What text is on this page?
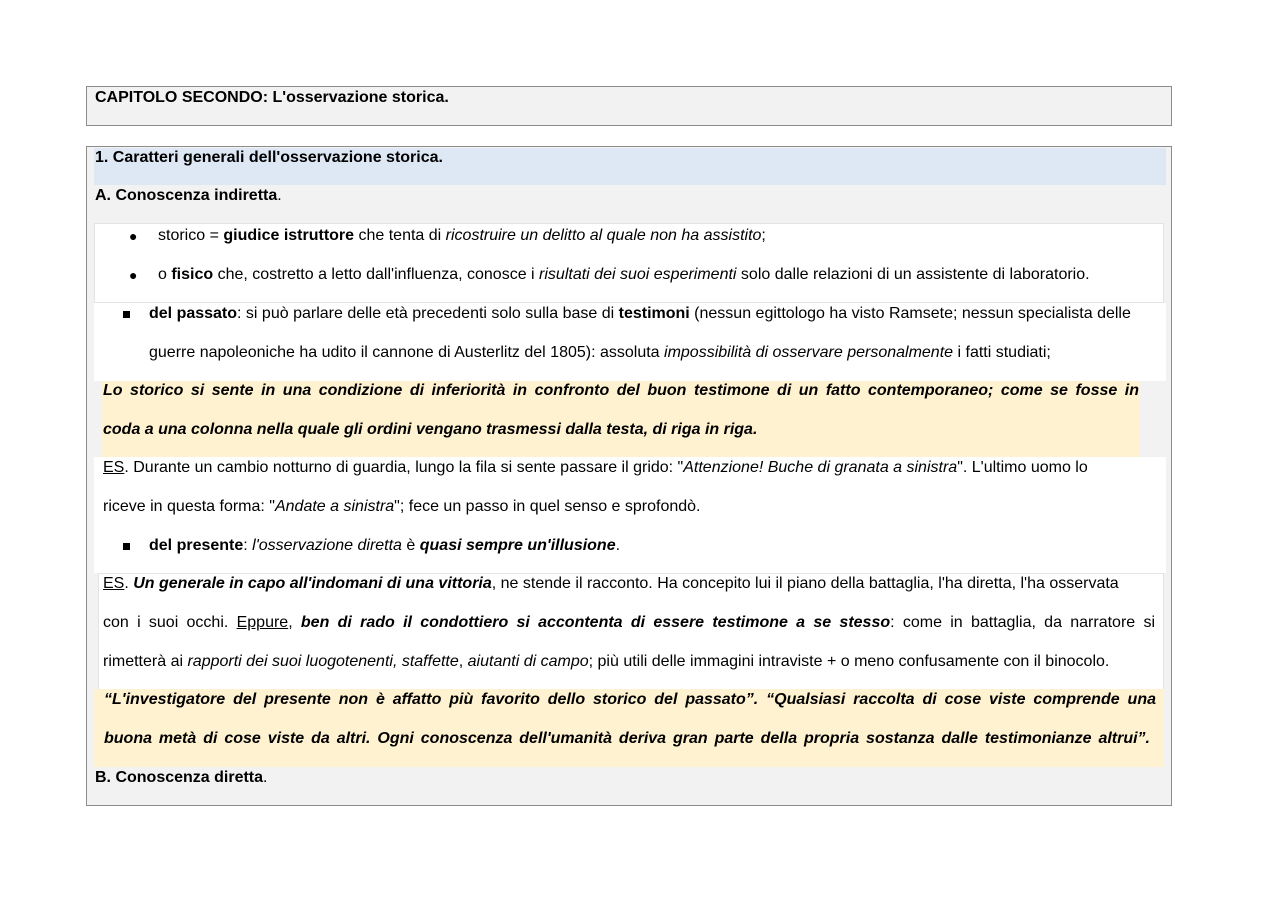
CAPITOLO SECONDO: L'osservazione storica.
1. Caratteri generali dell'osservazione storica.
A. Conoscenza indiretta.
● storico = giudice istruttore che tenta di ricostruire un delitto al quale non ha assistito;
● o fisico che, costretto a letto dall'influenza, conosce i risultati dei suoi esperimenti solo dalle relazioni di un assistente di laboratorio.
del passato: si può parlare delle età precedenti solo sulla base di testimoni (nessun egittologo ha visto Ramsete; nessun specialista delle
guerre napoleoniche ha udito il cannone di Austerlitz del 1805): assoluta impossibilità di osservare personalmente i fatti studiati;
Lo storico si sente in una condizione di inferiorità in confronto del buon testimone di un fatto contemporaneo; come se fosse in
coda a una colonna nella quale gli ordini vengano trasmessi dalla testa, di riga in riga.
ES. Durante un cambio notturno di guardia, lungo la fila si sente passare il grido: "Attenzione! Buche di granata a sinistra". L'ultimo uomo lo
riceve in questa forma: "Andate a sinistra"; fece un passo in quel senso e sprofondò.
del presente: l'osservazione diretta è quasi sempre un'illusione.
ES. Un generale in capo all'indomani di una vittoria, ne stende il racconto. Ha concepito lui il piano della battaglia, l'ha diretta, l'ha osservata
con i suoi occhi. Eppure, ben di rado il condottiero si accontenta di essere testimone a se stesso: come in battaglia, da narratore si
rimetterà ai rapporti dei suoi luogotenenti, staffette, aiutanti di campo; più utili delle immagini intraviste + o meno confusamente con il binocolo.
“L'investigatore del presente non è affatto più favorito dello storico del passato”. “Qualsiasi raccolta di cose viste comprende una
buona metà di cose viste da altri. Ogni conoscenza dell'umanità deriva gran parte della propria sostanza dalle testimonianze altrui”.
B. Conoscenza diretta.
